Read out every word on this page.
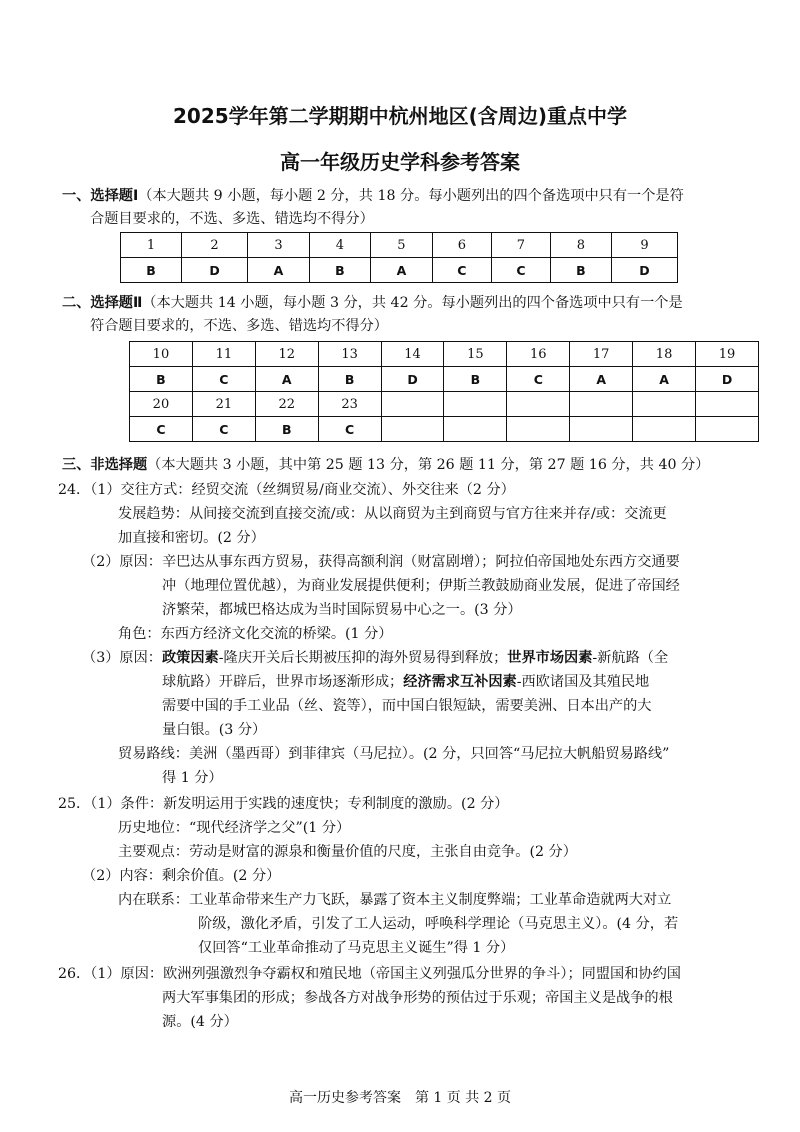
2025学年第二学期期中杭州地区(含周边)重点中学
高一年级历史学科参考答案
一、选择题Ⅰ（本大题共 9 小题，每小题 2 分，共 18 分。每小题列出的四个备选项中只有一个是符
合题目要求的，不选、多选、错选均不得分）
1	2	3	4	5	6	7	8	9
B	D	A	B	A	C	C	B	D
二、选择题Ⅱ（本大题共 14 小题，每小题 3 分，共 42 分。每小题列出的四个备选项中只有一个是
符合题目要求的，不选、多选、错选均不得分）
10	11	12	13	14	15	16	17	18	19
B	C	A	B	D	B	C	A	A	D
20	21	22	23						
C	C	B	C						
三、非选择题（本大题共 3 小题，其中第 25 题 13 分，第 26 题 11 分，第 27 题 16 分，共 40 分）
24．（1）交往方式：经贸交流（丝绸贸易/商业交流）、外交往来（2 分）
发展趋势：从间接交流到直接交流/或：从以商贸为主到商贸与官方往来并存/或：交流更
加直接和密切。(2 分）
（2）原因：辛巴达从事东西方贸易，获得高额利润（财富剧增）；阿拉伯帝国地处东西方交通要
冲（地理位置优越），为商业发展提供便利；伊斯兰教鼓励商业发展，促进了帝国经
济繁荣，都城巴格达成为当时国际贸易中心之一。(3 分）
角色：东西方经济文化交流的桥梁。(1 分）
（3）原因：政策因素-隆庆开关后长期被压抑的海外贸易得到释放；世界市场因素-新航路（全
球航路）开辟后，世界市场逐渐形成；经济需求互补因素-西欧诸国及其殖民地
需要中国的手工业品（丝、瓷等），而中国白银短缺，需要美洲、日本出产的大
量白银。(3 分）
贸易路线：美洲（墨西哥）到菲律宾（马尼拉）。(2 分，只回答“马尼拉大帆船贸易路线”
得 1 分）
25．（1）条件：新发明运用于实践的速度快；专利制度的激励。(2 分）
历史地位：“现代经济学之父”(1 分）
主要观点：劳动是财富的源泉和衡量价值的尺度，主张自由竞争。(2 分）
（2）内容：剩余价值。(2 分）
内在联系：工业革命带来生产力飞跃，暴露了资本主义制度弊端；工业革命造就两大对立
阶级，激化矛盾，引发了工人运动，呼唤科学理论（马克思主义）。(4 分，若
仅回答“工业革命推动了马克思主义诞生”得 1 分）
26．（1）原因：欧洲列强激烈争夺霸权和殖民地（帝国主义列强瓜分世界的争斗）；同盟国和协约国
两大军事集团的形成；参战各方对战争形势的预估过于乐观；帝国主义是战争的根
源。(4 分）
高一历史参考答案　第 1 页 共 2 页
